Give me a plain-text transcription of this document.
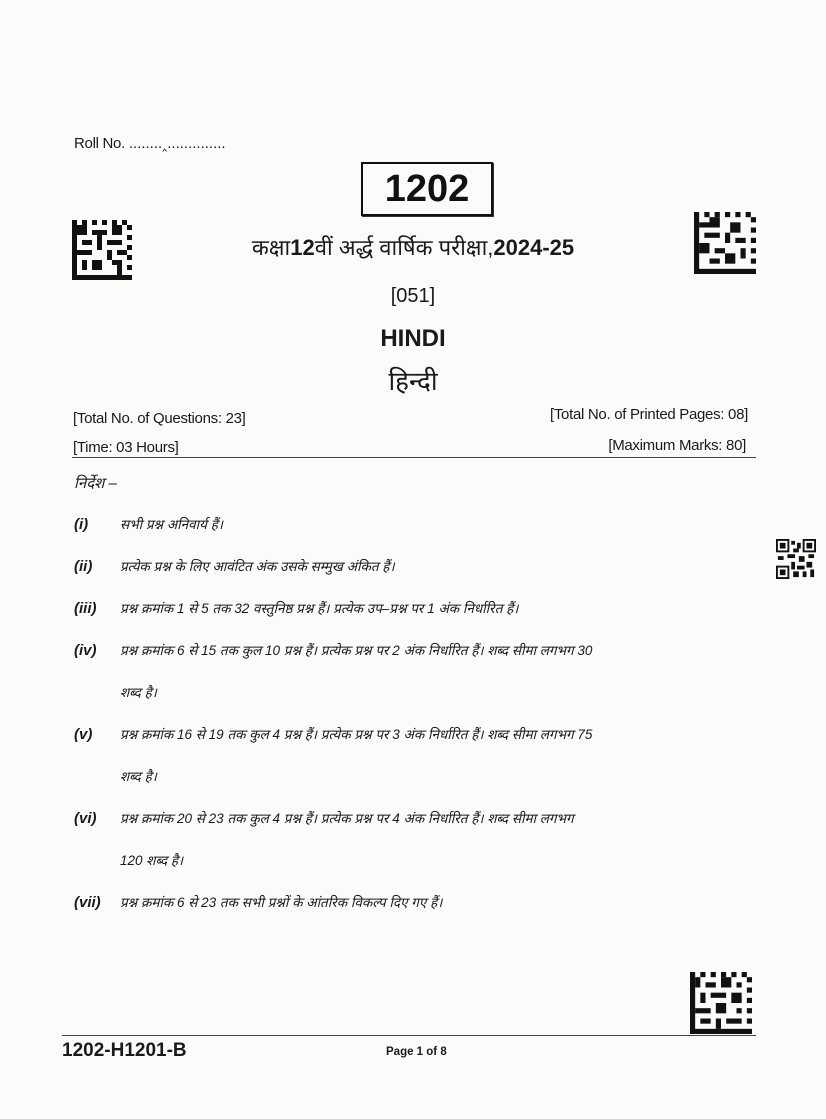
Roll No. ........‸..............
1202
कक्षा12वीं अर्द्ध वार्षिक परीक्षा,2024-25
[051]
HINDI
हिन्दी
[Total No. of Questions: 23]	[Total No. of Printed Pages: 08]
[Time: 03 Hours]	[Maximum Marks: 80]
निर्देश –
(i)	सभी प्रश्न अनिवार्य हैं।
(ii)	प्रत्येक प्रश्न के लिए आवंटित अंक उसके सम्मुख अंकित हैं।
(iii)	प्रश्न क्रमांक 1 से 5 तक 32 वस्तुनिष्ठ प्रश्न हैं। प्रत्येक उप–प्रश्न पर 1 अंक निर्धारित हैं।
(iv)	प्रश्न क्रमांक 6 से 15 तक कुल 10 प्रश्न हैं। प्रत्येक प्रश्न पर 2 अंक निर्धारित हैं। शब्द सीमा लगभग 30
शब्द है।
(v)	प्रश्न क्रमांक 16 से 19 तक कुल 4 प्रश्न हैं। प्रत्येक प्रश्न पर 3 अंक निर्धारित हैं। शब्द सीमा लगभग 75
शब्द है।
(vi)	प्रश्न क्रमांक 20 से 23 तक कुल 4 प्रश्न हैं। प्रत्येक प्रश्न पर 4 अंक निर्धारित हैं। शब्द सीमा लगभग
120 शब्द है।
(vii)	प्रश्न क्रमांक 6 से 23 तक सभी प्रश्नों के आंतरिक विकल्प दिए गए हैं।
1202-H1201-B	Page 1 of 8
